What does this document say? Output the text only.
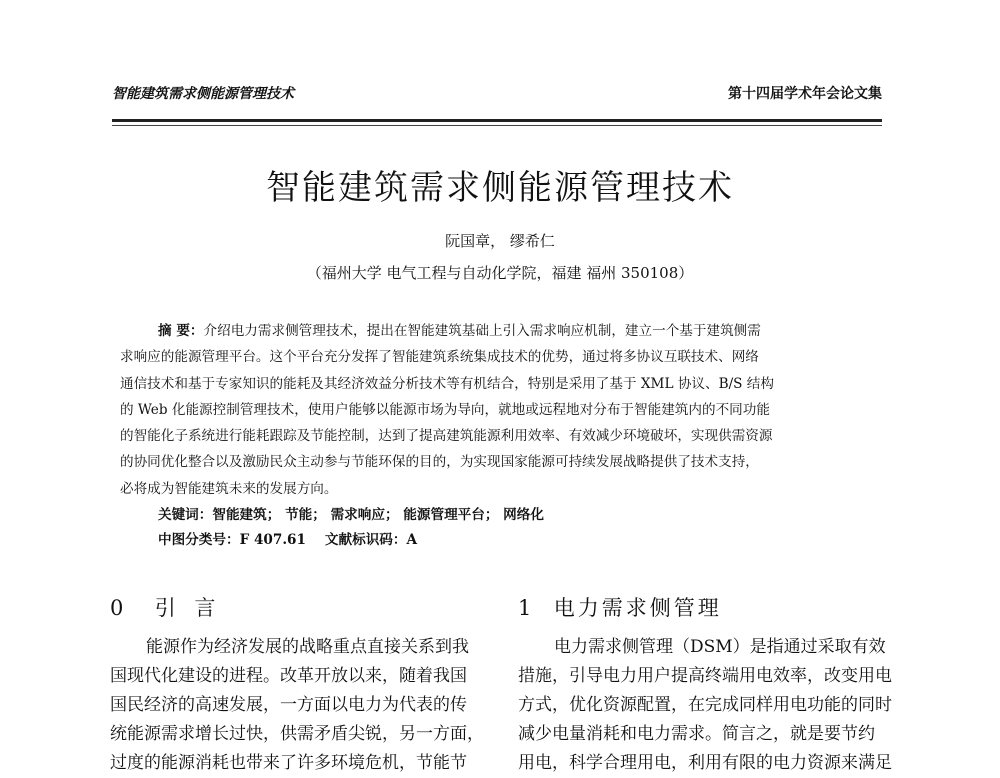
智能建筑需求侧能源管理技术	第十四届学术年会论文集
智能建筑需求侧能源管理技术
阮国章， 缪希仁
（福州大学 电气工程与自动化学院，福建 福州 350108）

摘 要：介绍电力需求侧管理技术，提出在智能建筑基础上引入需求响应机制，建立一个基于建筑侧需

求响应的能源管理平台。这个平台充分发挥了智能建筑系统集成技术的优势，通过将多协议互联技术、网络

通信技术和基于专家知识的能耗及其经济效益分析技术等有机结合，特别是采用了基于 XML 协议、B/S 结构

的 Web 化能源控制管理技术，使用户能够以能源市场为导向，就地或远程地对分布于智能建筑内的不同功能

的智能化子系统进行能耗跟踪及节能控制，达到了提高建筑能源利用效率、有效减少环境破坏，实现供需资源

的协同优化整合以及激励民众主动参与节能环保的目的，为实现国家能源可持续发展战略提供了技术支持，

必将成为智能建筑未来的发展方向。

关键词：智能建筑； 节能； 需求响应； 能源管理平台； 网络化
中图分类号：F 407.61 文献标识码：A
0 引 言	1 电力需求侧管理

能源作为经济发展的战略重点直接关系到我

国现代化建设的进程。改革开放以来，随着我国

国民经济的高速发展，一方面以电力为代表的传

统能源需求增长过快，供需矛盾尖锐，另一方面，

过度的能源消耗也带来了许多环境危机，节能节

电力需求侧管理（DSM）是指通过采取有效

措施，引导电力用户提高终端用电效率，改变用电

方式，优化资源配置，在完成同样用电功能的同时

减少电量消耗和电力需求。简言之，就是要节约

用电，科学合理用电，利用有限的电力资源来满足
